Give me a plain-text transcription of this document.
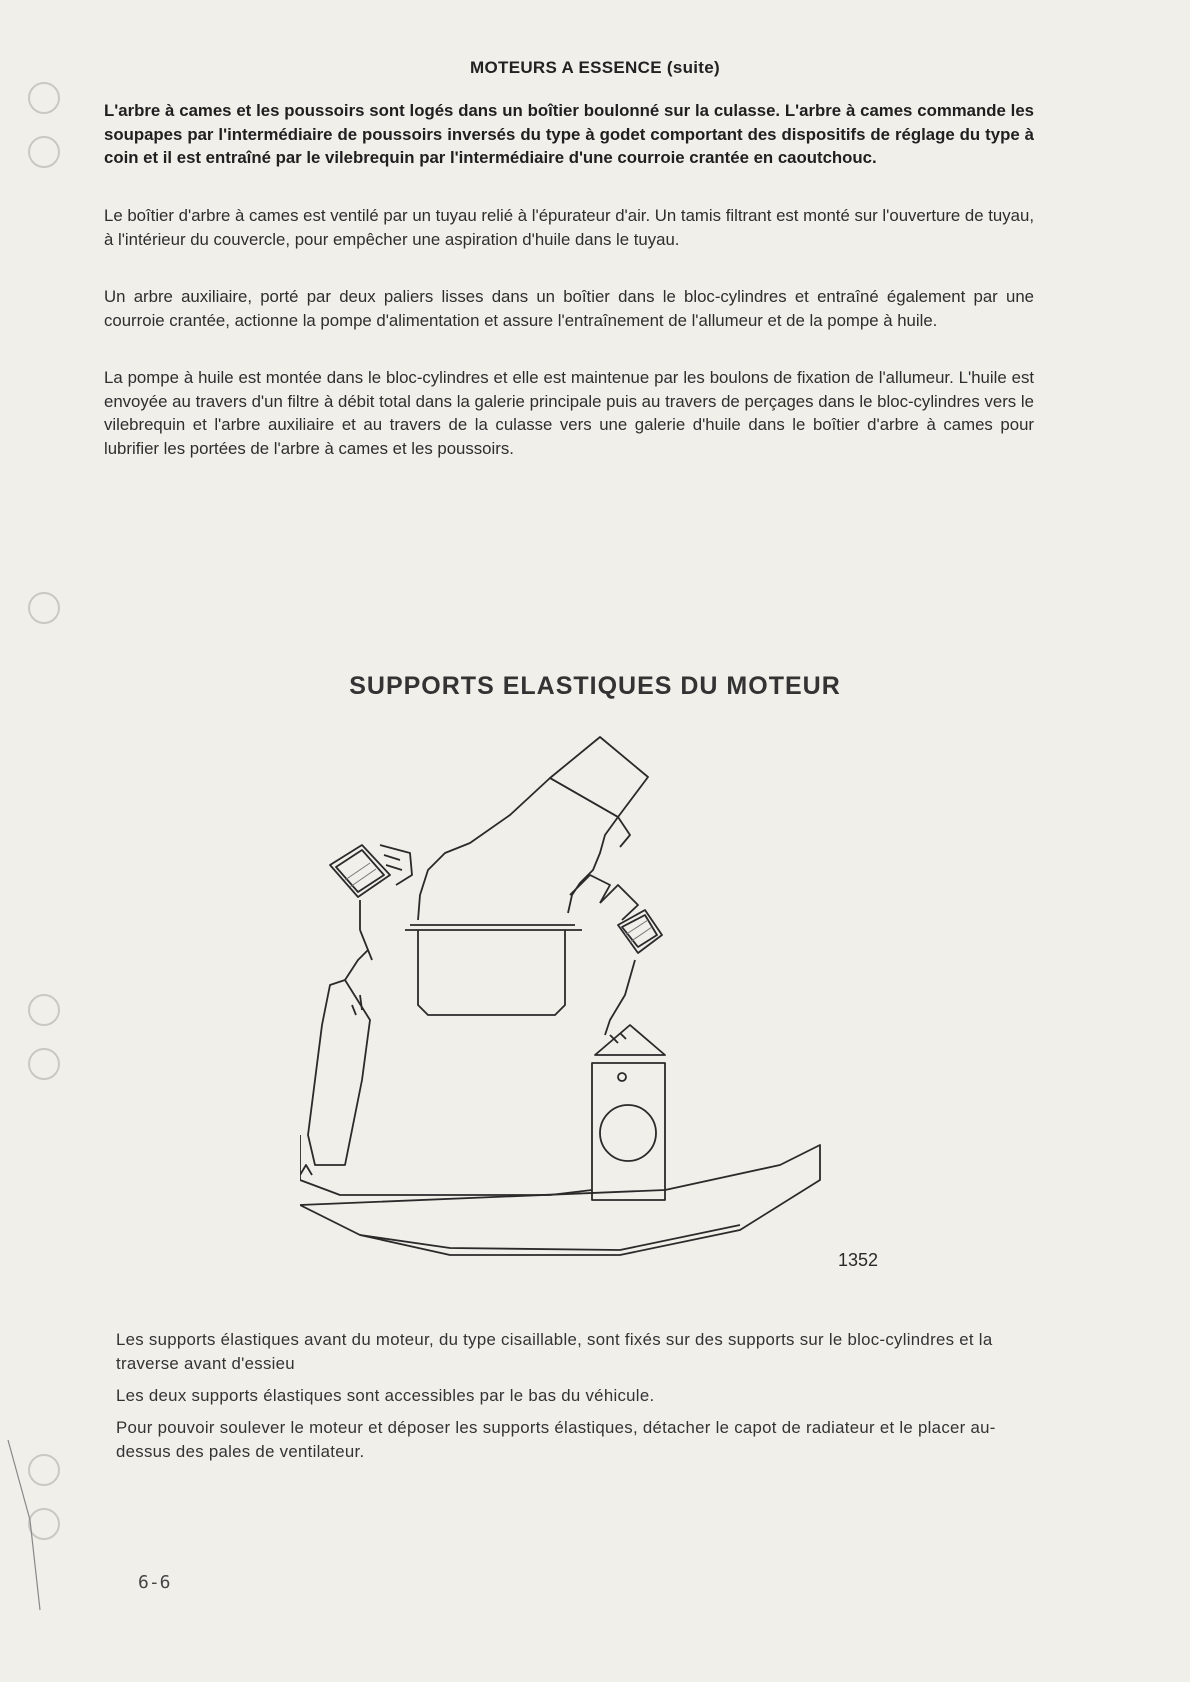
MOTEURS A ESSENCE (suite)

L'arbre à cames et les poussoirs sont logés dans un boîtier boulonné sur la culasse. L'arbre à cames commande les soupapes par l'intermédiaire de poussoirs inversés du type à godet comportant des dispositifs de réglage du type à coin et il est entraîné par le vilebrequin par l'intermédiaire d'une courroie crantée en caoutchouc.

Le boîtier d'arbre à cames est ventilé par un tuyau relié à l'épurateur d'air. Un tamis filtrant est monté sur l'ouverture de tuyau, à l'intérieur du couvercle, pour empêcher une aspiration d'huile dans le tuyau.

Un arbre auxiliaire, porté par deux paliers lisses dans un boîtier dans le bloc-cylindres et entraîné également par une courroie crantée, actionne la pompe d'alimentation et assure l'entraînement de l'allumeur et de la pompe à huile.

La pompe à huile est montée dans le bloc-cylindres et elle est maintenue par les boulons de fixation de l'allumeur. L'huile est envoyée au travers d'un filtre à débit total dans la galerie principale puis au travers de perçages dans le bloc-cylindres vers le vilebrequin et l'arbre auxiliaire et au travers de la culasse vers une galerie d'huile dans le boîtier d'arbre à cames pour lubrifier les portées de l'arbre à cames et les poussoirs.

SUPPORTS ELASTIQUES DU MOTEUR
1352

Les supports élastiques avant du moteur, du type cisaillable, sont fixés sur des supports sur le bloc-cylindres et la traverse avant d'essieu

Les deux supports élastiques sont accessibles par le bas du véhicule.

Pour pouvoir soulever le moteur et déposer les supports élastiques, détacher le capot de radiateur et le placer au-dessus des pales de ventilateur.

6-6
